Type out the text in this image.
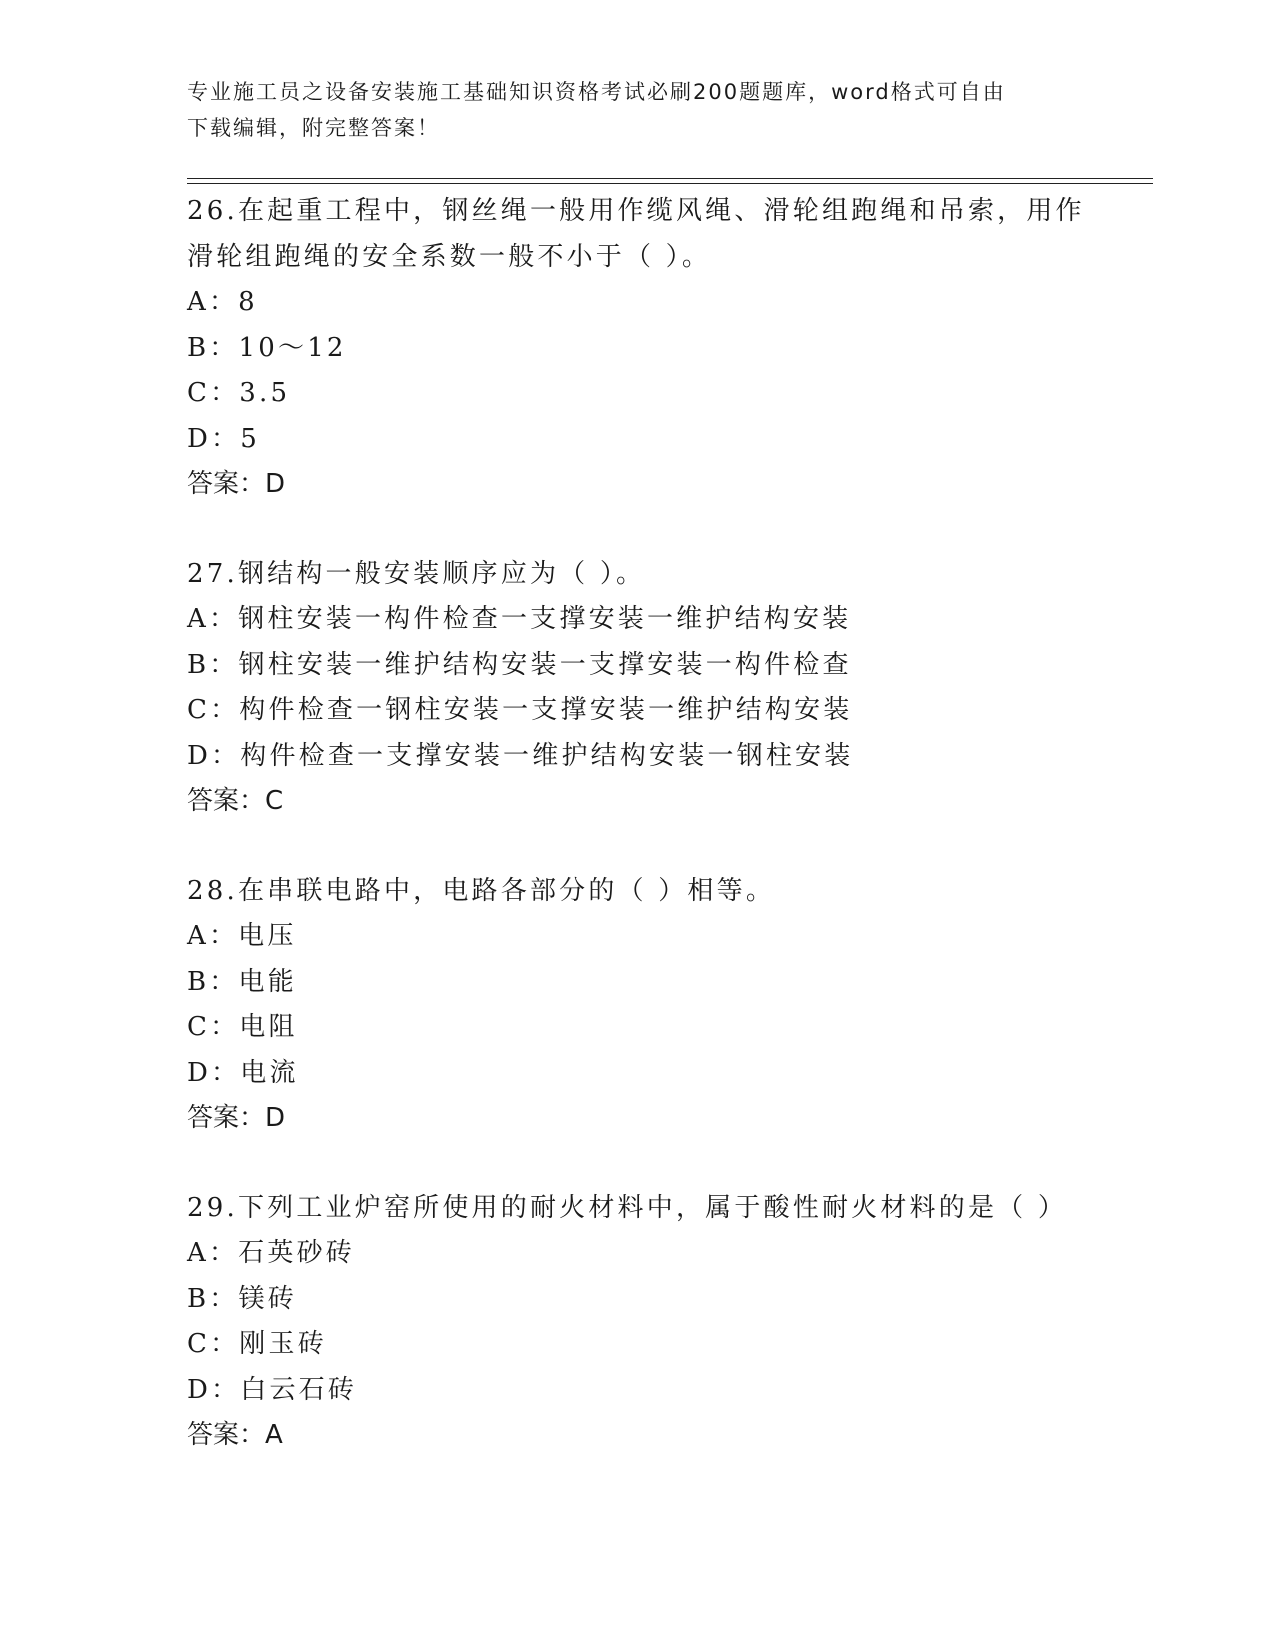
专业施工员之设备安装施工基础知识资格考试必刷200题题库，word格式可自由
下载编辑，附完整答案！

26.在起重工程中，钢丝绳一般用作缆风绳、滑轮组跑绳和吊索，用作滑轮组跑绳的安全系数一般不小于（ ）。

A：8

B：10～12

C：3.5

D：5

答案：D

27.钢结构一般安装顺序应为（ ）。

A：钢柱安装一构件检查一支撑安装一维护结构安装

B：钢柱安装一维护结构安装一支撑安装一构件检查

C：构件检查一钢柱安装一支撑安装一维护结构安装

D：构件检查一支撑安装一维护结构安装一钢柱安装

答案：C

28.在串联电路中，电路各部分的（ ）相等。

A：电压

B：电能

C：电阻

D：电流

答案：D

29.下列工业炉窑所使用的耐火材料中，属于酸性耐火材料的是（ ）

A：石英砂砖

B：镁砖

C：刚玉砖

D：白云石砖

答案：A
